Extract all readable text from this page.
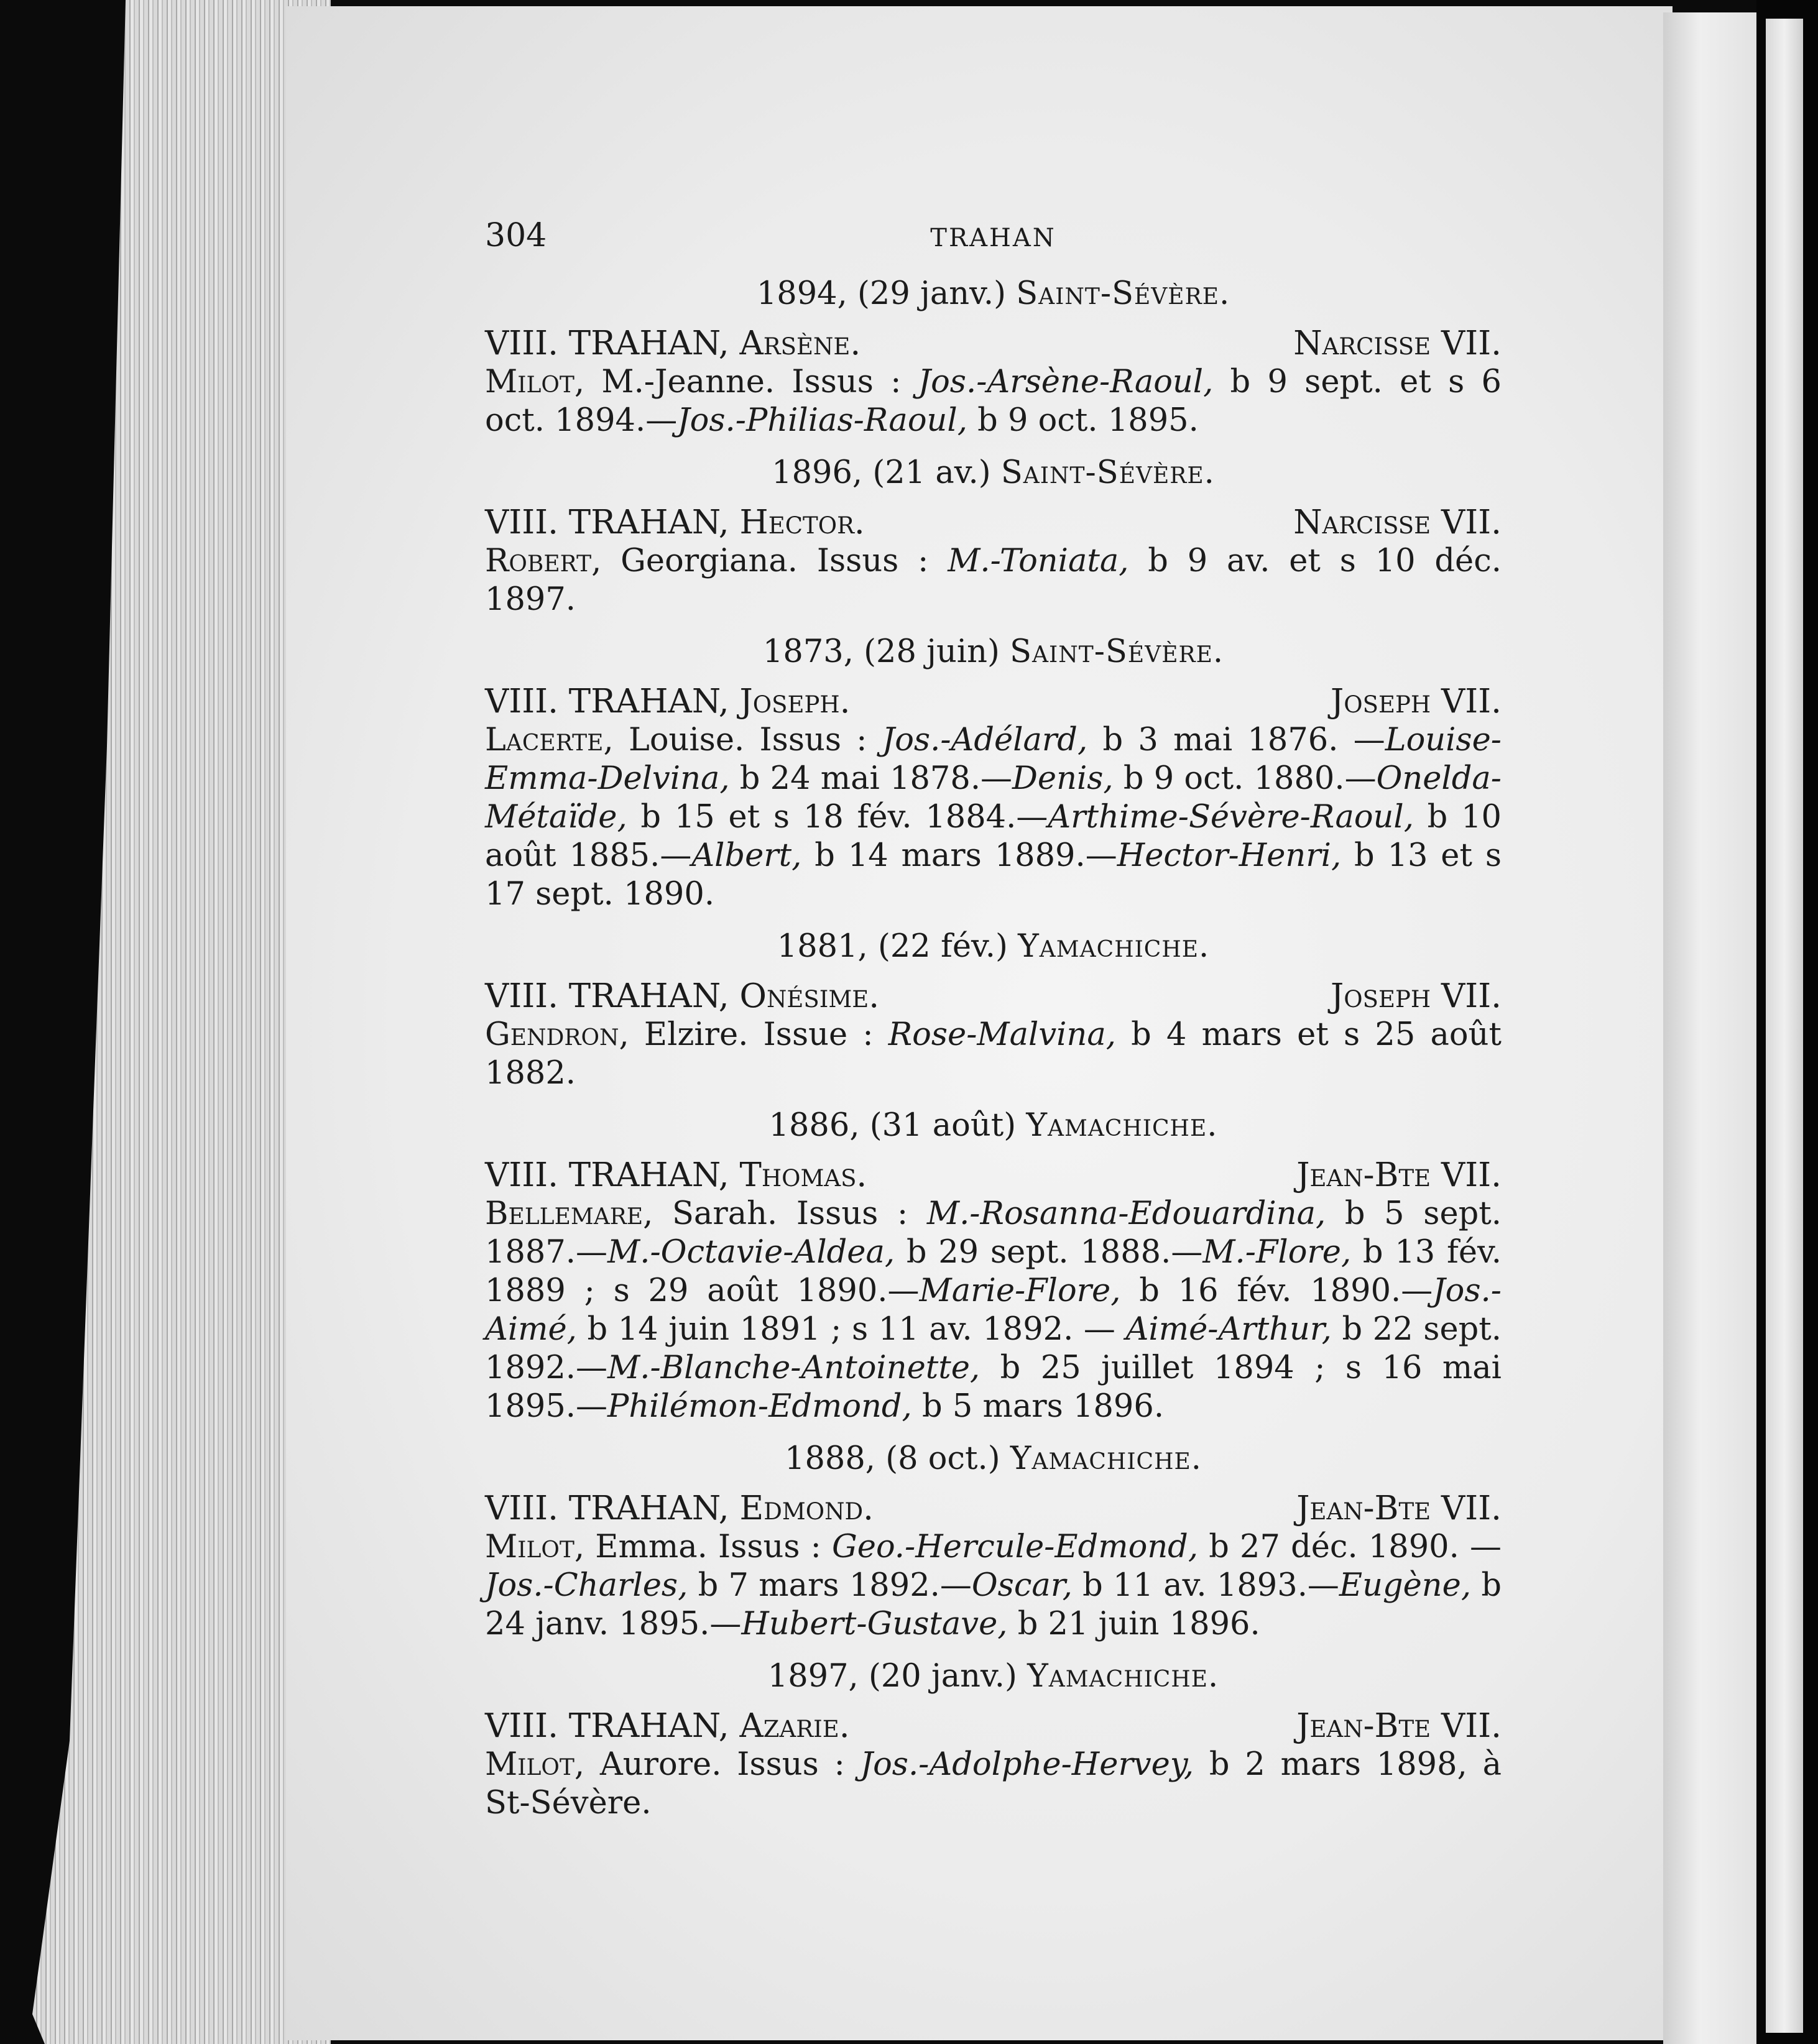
304	TRAHAN
1894, (29 janv.) Saint-Sévère.
VIII. TRAHAN, Arsène.	Narcisse VII.
Milot, M.-Jeanne. Issus : Jos.-Arsène-Raoul, b 9 sept. et s 6 oct. 1894.—Jos.-Philias-Raoul, b 9 oct. 1895.
1896, (21 av.) Saint-Sévère.
VIII. TRAHAN, Hector.	Narcisse VII.
Robert, Georgiana. Issus : M.-Toniata, b 9 av. et s 10 déc. 1897.
1873, (28 juin) Saint-Sévère.
VIII. TRAHAN, Joseph.	Joseph VII.
Lacerte, Louise. Issus : Jos.-Adélard, b 3 mai 1876. —Louise-Emma-Delvina, b 24 mai 1878.—Denis, b 9 oct. 1880.—Onelda-Métaïde, b 15 et s 18 fév. 1884.—Arthime-Sévère-Raoul, b 10 août 1885.—Albert, b 14 mars 1889.—Hector-Henri, b 13 et s 17 sept. 1890.
1881, (22 fév.) Yamachiche.
VIII. TRAHAN, Onésime.	Joseph VII.
Gendron, Elzire. Issue : Rose-Malvina, b 4 mars et s 25 août 1882.
1886, (31 août) Yamachiche.
VIII. TRAHAN, Thomas.	Jean-Bte VII.
Bellemare, Sarah. Issus : M.-Rosanna-Edouardina, b 5 sept. 1887.—M.-Octavie-Aldea, b 29 sept. 1888.—M.-Flore, b 13 fév. 1889 ; s 29 août 1890.—Marie-Flore, b 16 fév. 1890.—Jos.-Aimé, b 14 juin 1891 ; s 11 av. 1892. — Aimé-Arthur, b 22 sept. 1892.—M.-Blanche-Antoinette, b 25 juillet 1894 ; s 16 mai 1895.—Philémon-Edmond, b 5 mars 1896.
1888, (8 oct.) Yamachiche.
VIII. TRAHAN, Edmond.	Jean-Bte VII.
Milot, Emma. Issus : Geo.-Hercule-Edmond, b 27 déc. 1890. —Jos.-Charles, b 7 mars 1892.—Oscar, b 11 av. 1893.—Eugène, b 24 janv. 1895.—Hubert-Gustave, b 21 juin 1896.
1897, (20 janv.) Yamachiche.
VIII. TRAHAN, Azarie.	Jean-Bte VII.
Milot, Aurore. Issus : Jos.-Adolphe-Hervey, b 2 mars 1898, à St-Sévère.
